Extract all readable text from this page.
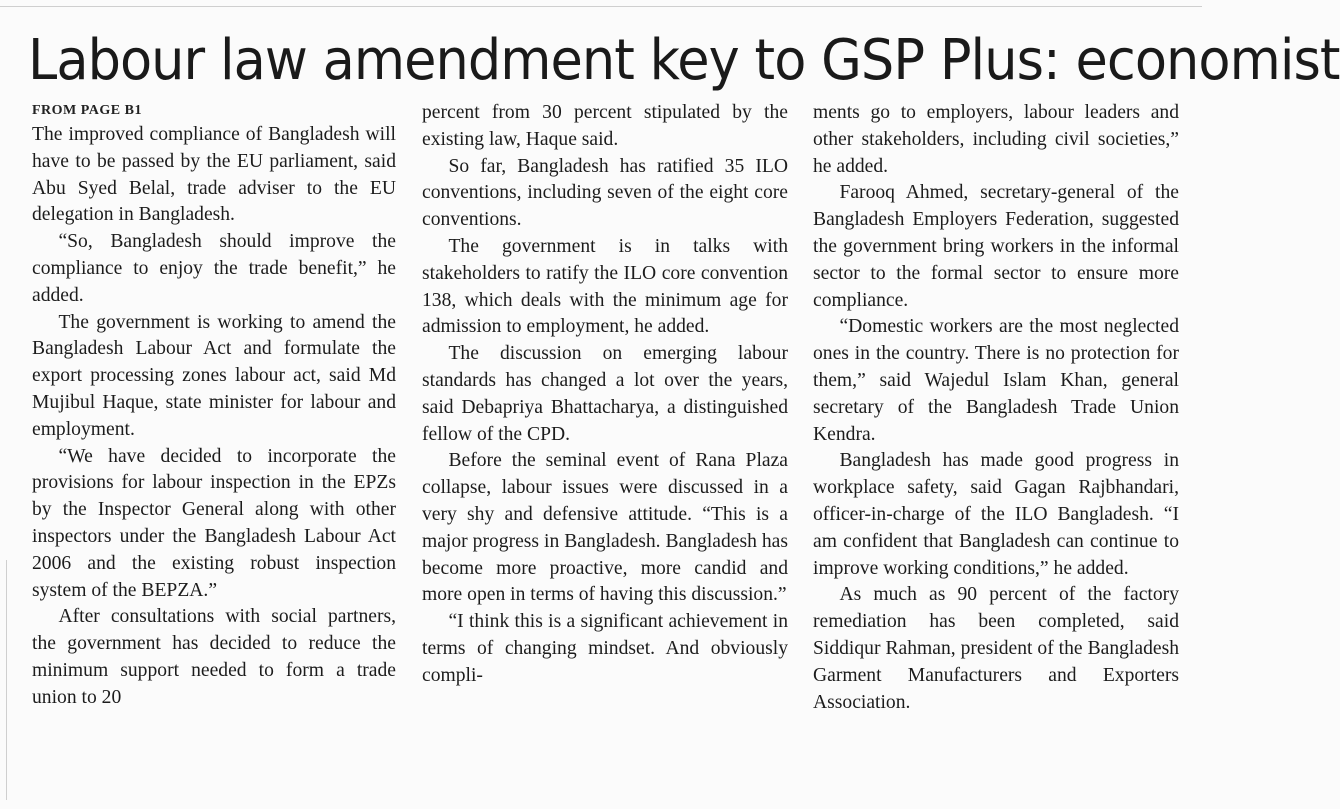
Labour law amendment key to GSP Plus: economist
FROM PAGE B1

The improved compliance of Bangladesh will have to be passed by the EU parliament, said Abu Syed Belal, trade adviser to the EU delegation in Bangladesh.

“So, Bangladesh should improve the compliance to enjoy the trade benefit,” he added.

The government is working to amend the Bangladesh Labour Act and formulate the export processing zones labour act, said Md Mujibul Haque, state minister for labour and employment.

“We have decided to incorporate the provisions for labour inspection in the EPZs by the Inspector General along with other inspectors under the Bangladesh Labour Act 2006 and the existing robust inspection system of the BEPZA.”

After consultations with social partners, the government has decided to reduce the minimum support needed to form a trade union to 20

percent from 30 percent stipulated by the existing law, Haque said.

So far, Bangladesh has ratified 35 ILO conventions, including seven of the eight core conventions.

The government is in talks with stakeholders to ratify the ILO core convention 138, which deals with the minimum age for admission to employment, he added.

The discussion on emerging labour standards has changed a lot over the years, said Debapriya Bhattacharya, a distinguished fellow of the CPD.

Before the seminal event of Rana Plaza collapse, labour issues were discussed in a very shy and defensive attitude. “This is a major progress in Bangladesh. Bangladesh has become more proactive, more candid and more open in terms of having this discussion.”

“I think this is a significant achievement in terms of changing mindset. And obviously compli-

ments go to employers, labour leaders and other stakeholders, including civil societies,” he added.

Farooq Ahmed, secretary-general of the Bangladesh Employers Federation, suggested the government bring workers in the informal sector to the formal sector to ensure more compliance.

“Domestic workers are the most neglected ones in the country. There is no protection for them,” said Wajedul Islam Khan, general secretary of the Bangladesh Trade Union Kendra.

Bangladesh has made good progress in workplace safety, said Gagan Rajbhandari, officer-in-charge of the ILO Bangladesh. “I am confident that Bangladesh can continue to improve working conditions,” he added.

As much as 90 percent of the factory remediation has been completed, said Siddiqur Rahman, president of the Bangladesh Garment Manufacturers and Exporters Association.
